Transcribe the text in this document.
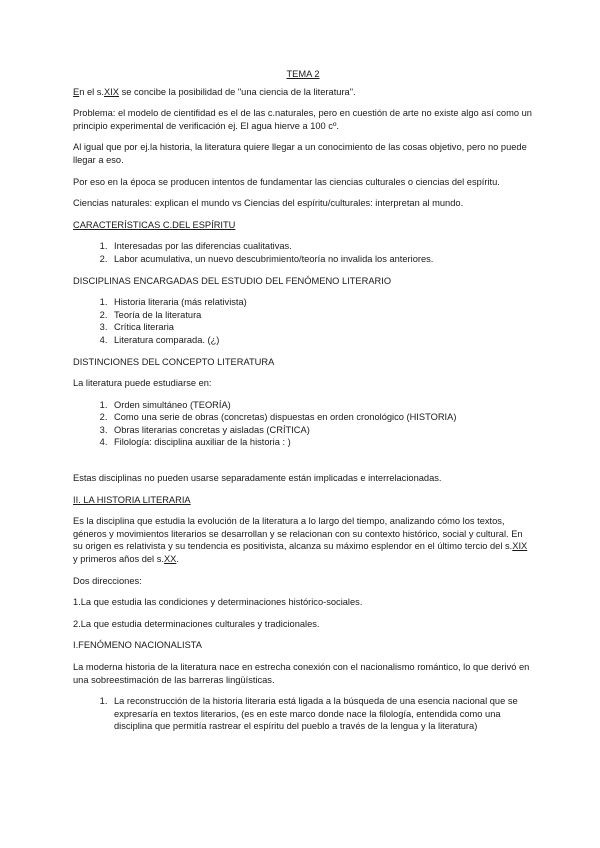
TEMA 2

En el s.XIX se concibe la posibilidad de "una ciencia de la literatura".

Problema: el modelo de cientifidad es el de las c.naturales, pero en cuestión de arte no existe algo así como un principio experimental de verificación ej. El agua hierve a 100 cº.

Al igual que por ej.la historia, la literatura quiere llegar a un conocimiento de las cosas objetivo, pero no puede llegar a eso.

Por eso en la época se producen intentos de fundamentar las ciencias culturales o ciencias del espíritu.

Ciencias naturales: explican el mundo vs Ciencias del espíritu/culturales: interpretan al mundo.

CARACTERÍSTICAS C.DEL ESPÍRITU
1. Interesadas por las diferencias cualitativas.
2. Labor acumulativa, un nuevo descubrimiento/teoría no invalida los anteriores.
DISCIPLINAS ENCARGADAS DEL ESTUDIO DEL FENÓMENO LITERARIO
1. Historia literaria (más relativista)
2. Teoría de la literatura
3. Crítica literaria
4. Literatura comparada. (¿)
DISTINCIONES DEL CONCEPTO LITERATURA

La literatura puede estudiarse en:

1. Orden simultáneo (TEORÍA)
2. Como una serie de obras (concretas) dispuestas en orden cronológico (HISTORIA)
3. Obras literarias concretas y aisladas (CRÍTICA)
4. Filología: disciplina auxiliar de la historia : )

Estas disciplinas no pueden usarse separadamente están implicadas e interrelacionadas.

II. LA HISTORIA LITERARIA

Es la disciplina que estudia la evolución de la literatura a lo largo del tiempo, analizando cómo los textos, géneros y movimientos literarios se desarrollan y se relacionan con su contexto histórico, social y cultural. En su origen es relativista y su tendencia es positivista, alcanza su máximo esplendor en el último tercio del s.XIX y primeros años del s.XX.

Dos direcciones:

1.La que estudia las condiciones y determinaciones histórico-sociales.

2.La que estudia determinaciones culturales y tradicionales.

I.FENÓMENO NACIONALISTA

La moderna historia de la literatura nace en estrecha conexión con el nacionalismo romántico, lo que derivó en una sobreestimación de las barreras lingüísticas.

1. La reconstrucción de la historia literaria está ligada a la búsqueda de una esencia nacional que se expresaría en textos literarios, (es en este marco donde nace la filología, entendida como una disciplina que permitía rastrear el espíritu del pueblo a través de la lengua y la literatura)
